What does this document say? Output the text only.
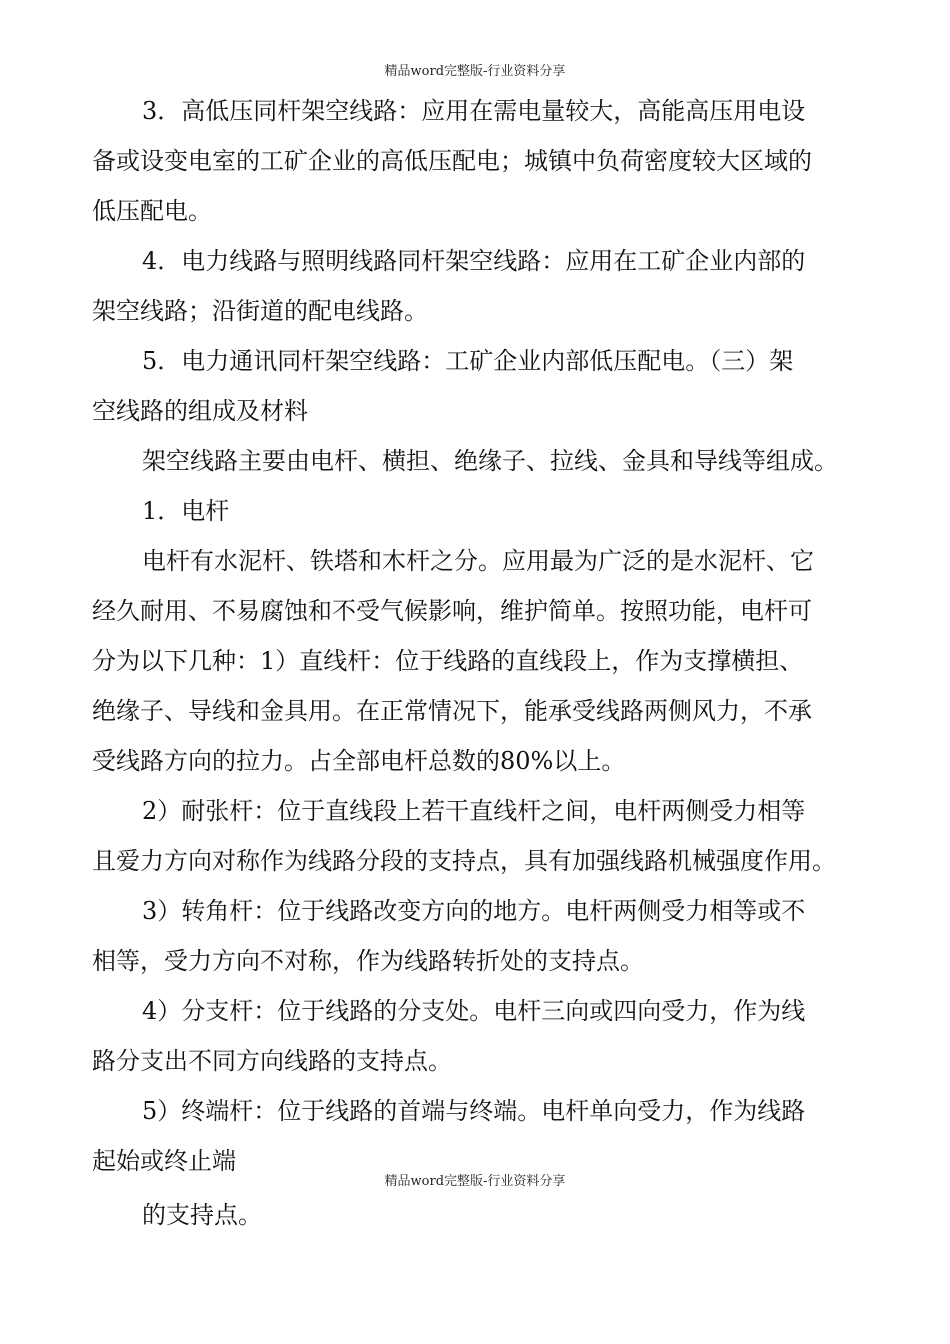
精品word完整版-行业资料分享
3．高低压同杆架空线路：应用在需电量较大，高能高压用电设
备或设变电室的工矿企业的高低压配电；城镇中负荷密度较大区域的
低压配电。
4．电力线路与照明线路同杆架空线路：应用在工矿企业内部的
架空线路；沿街道的配电线路。
5．电力通讯同杆架空线路：工矿企业内部低压配电。（三）架
空线路的组成及材料
架空线路主要由电杆、横担、绝缘子、拉线、金具和导线等组成。
1．电杆
电杆有水泥杆、铁塔和木杆之分。应用最为广泛的是水泥杆、它
经久耐用、不易腐蚀和不受气候影响，维护简单。按照功能，电杆可
分为以下几种：1）直线杆：位于线路的直线段上，作为支撑横担、
绝缘子、导线和金具用。在正常情况下，能承受线路两侧风力，不承
受线路方向的拉力。占全部电杆总数的80%以上。
2）耐张杆：位于直线段上若干直线杆之间，电杆两侧受力相等
且爱力方向对称作为线路分段的支持点，具有加强线路机械强度作用。
3）转角杆：位于线路改变方向的地方。电杆两侧受力相等或不
相等，受力方向不对称，作为线路转折处的支持点。
4）分支杆：位于线路的分支处。电杆三向或四向受力，作为线
路分支出不同方向线路的支持点。
5）终端杆：位于线路的首端与终端。电杆单向受力，作为线路
起始或终止端
精品word完整版-行业资料分享
的支持点。
